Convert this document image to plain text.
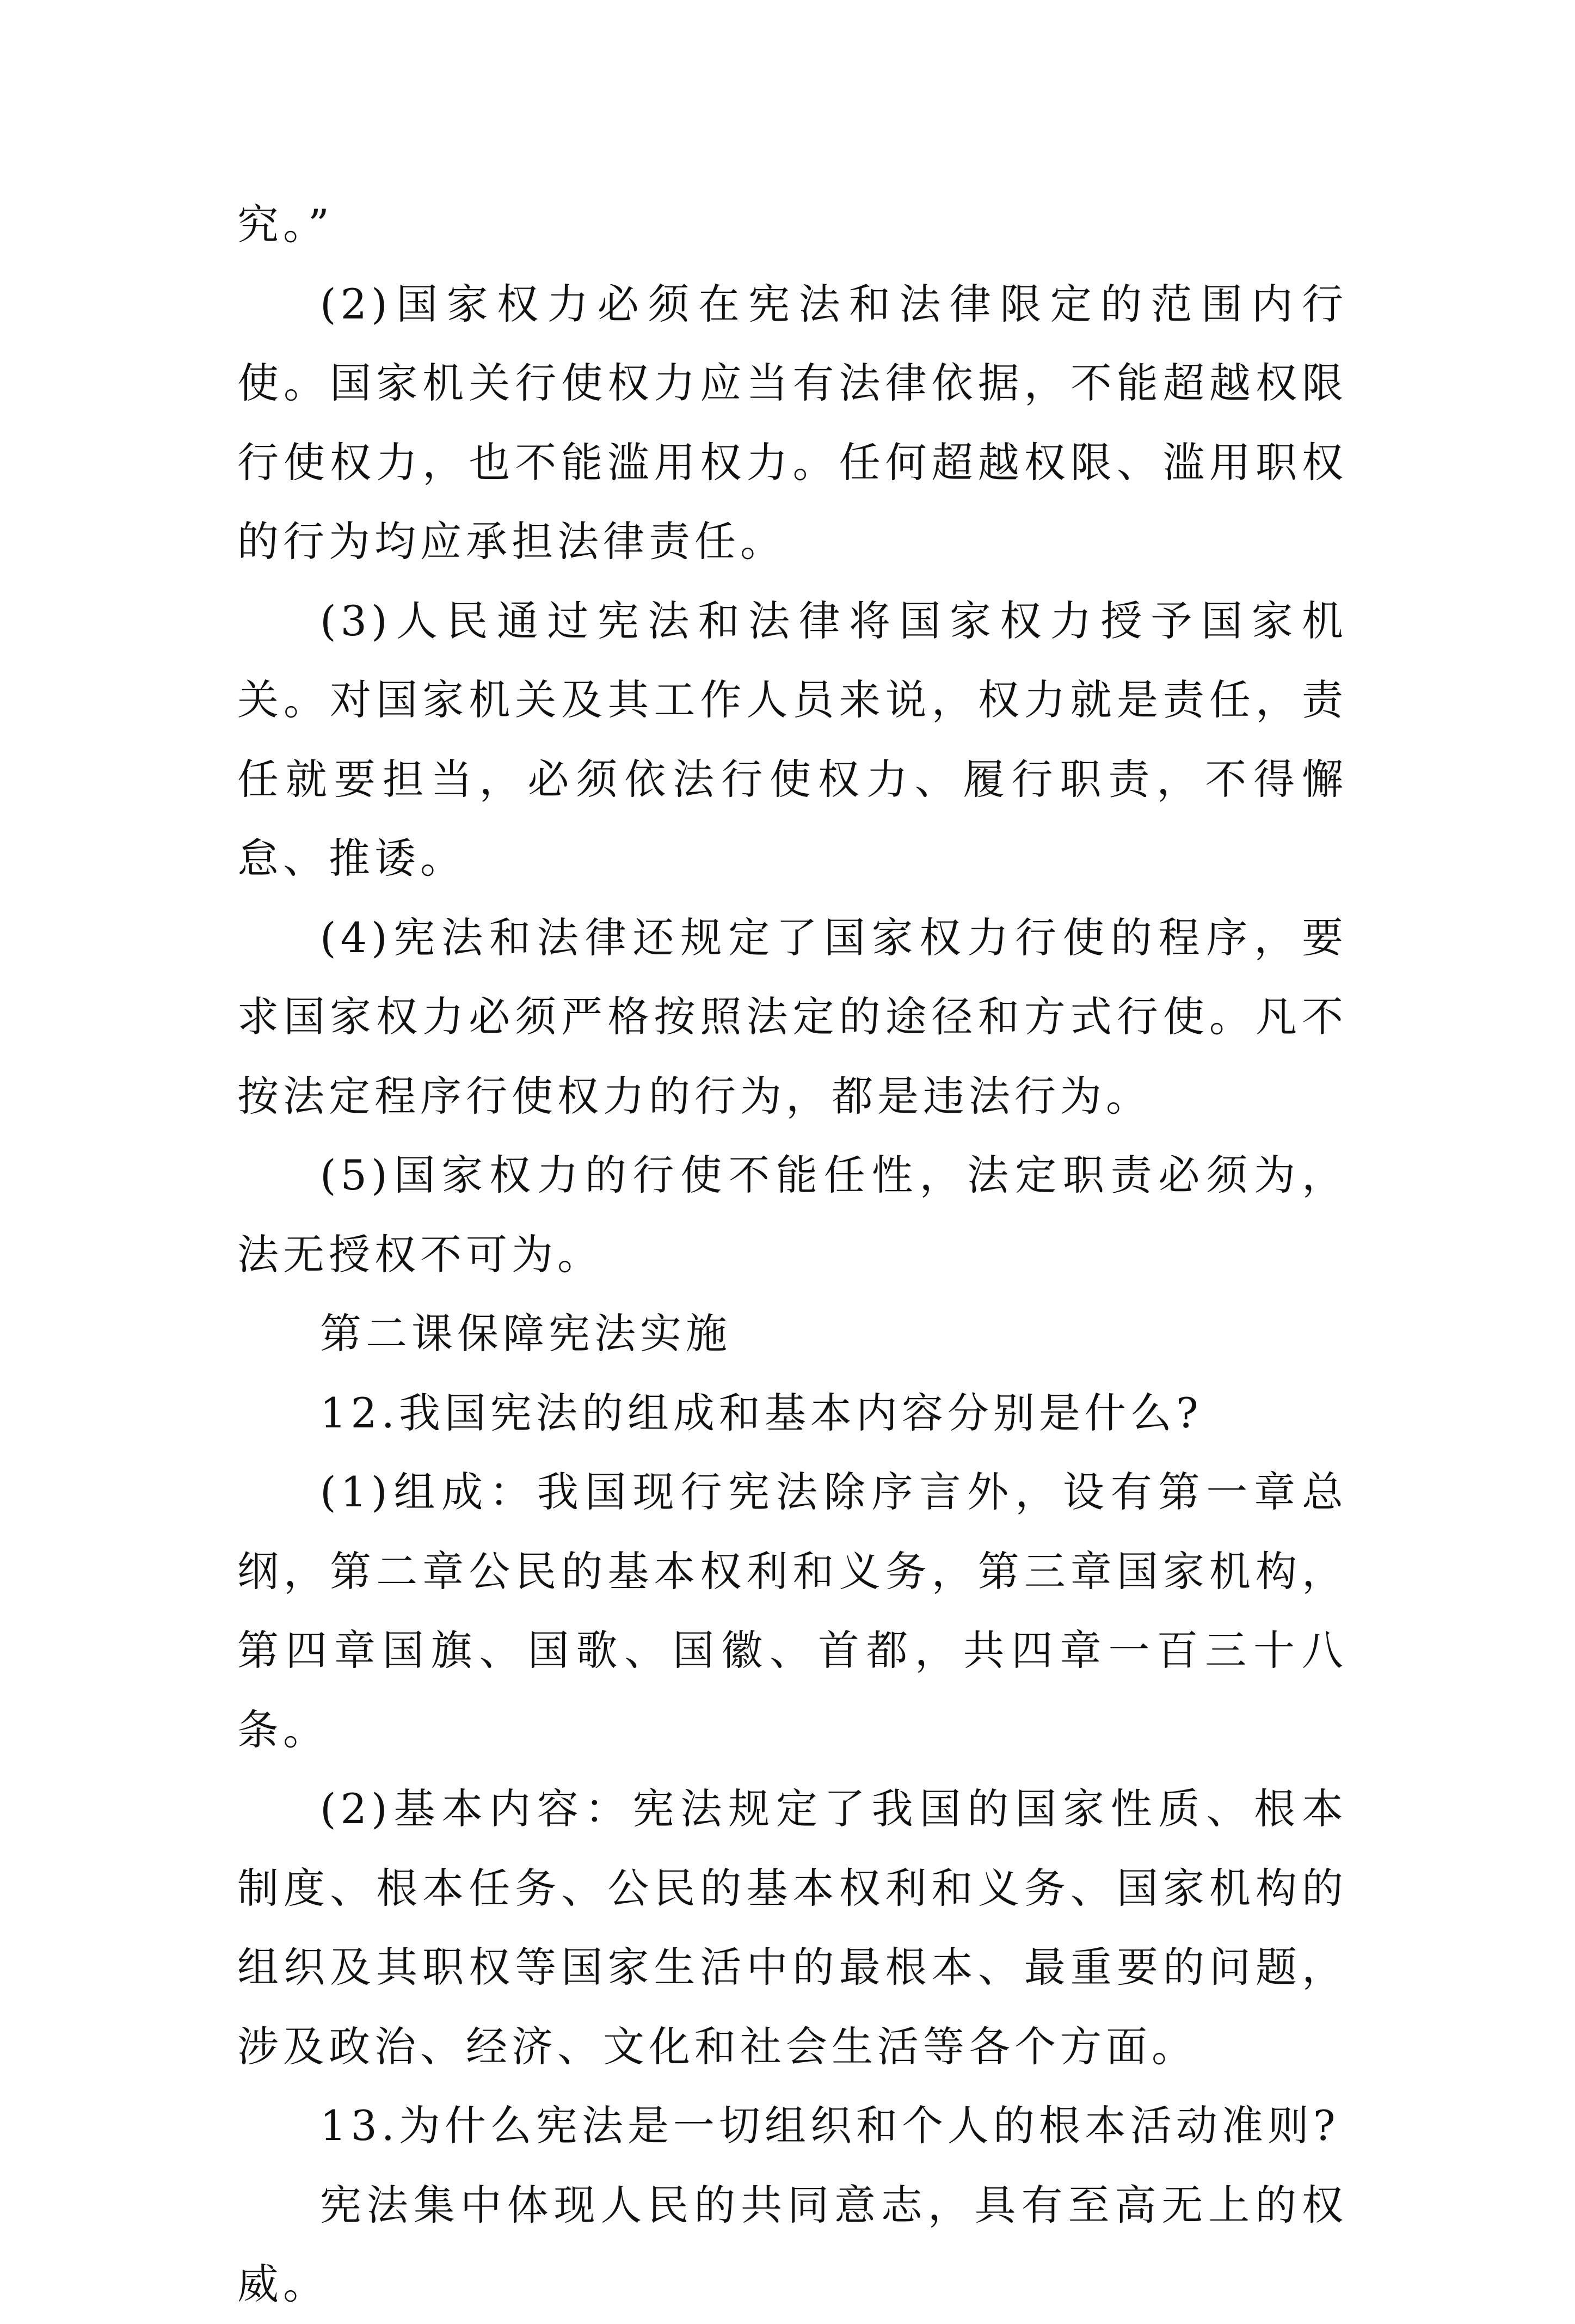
究。”

(2)国家权力必须在宪法和法律限定的范围内行使。国家机关行使权力应当有法律依据，不能超越权限行使权力，也不能滥用权力。任何超越权限、滥用职权的行为均应承担法律责任。

(3)人民通过宪法和法律将国家权力授予国家机关。对国家机关及其工作人员来说，权力就是责任，责任就要担当，必须依法行使权力、履行职责，不得懈怠、推诿。

(4)宪法和法律还规定了国家权力行使的程序，要求国家权力必须严格按照法定的途径和方式行使。凡不按法定程序行使权力的行为，都是违法行为。

(5)国家权力的行使不能任性，法定职责必须为，法无授权不可为。

第二课保障宪法实施

12.我国宪法的组成和基本内容分别是什么?

(1)组成：我国现行宪法除序言外，设有第一章总纲，第二章公民的基本权利和义务，第三章国家机构，第四章国旗、国歌、国徽、首都，共四章一百三十八条。

(2)基本内容：宪法规定了我国的国家性质、根本制度、根本任务、公民的基本权利和义务、国家机构的组织及其职权等国家生活中的最根本、最重要的问题，涉及政治、经济、文化和社会生活等各个方面。

13.为什么宪法是一切组织和个人的根本活动准则?

宪法集中体现人民的共同意志，具有至高无上的权威。
